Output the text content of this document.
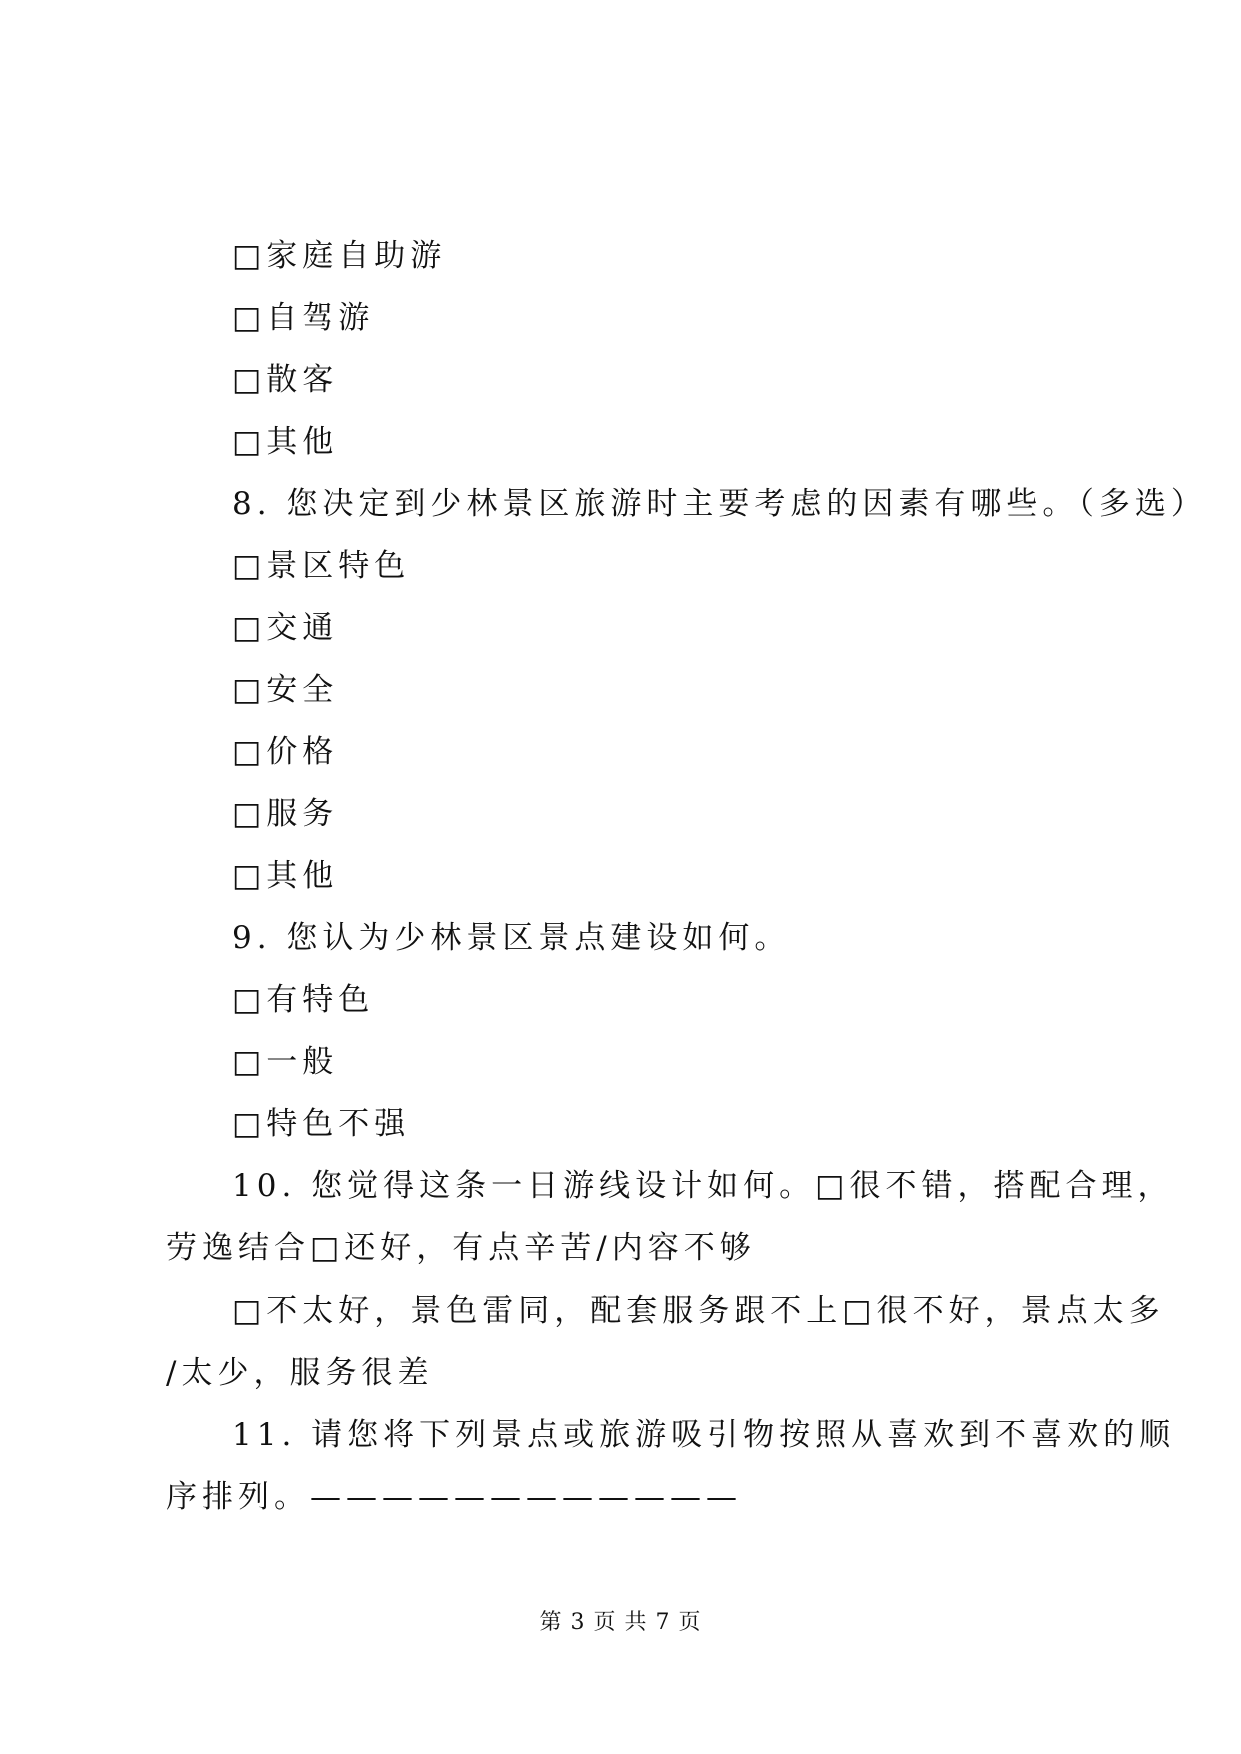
□家庭自助游
□自驾游
□散客
□其他
8. 您决定到少林景区旅游时主要考虑的因素有哪些。（多选）
□景区特色
□交通
□安全
□价格
□服务
□其他
9. 您认为少林景区景点建设如何。
□有特色
□一般
□特色不强
10. 您觉得这条一日游线设计如何。□很不错，搭配合理，
劳逸结合□还好，有点辛苦/内容不够
□不太好，景色雷同，配套服务跟不上□很不好，景点太多
/太少，服务很差
11. 请您将下列景点或旅游吸引物按照从喜欢到不喜欢的顺
序排列。————————————
第 3 页 共 7 页
